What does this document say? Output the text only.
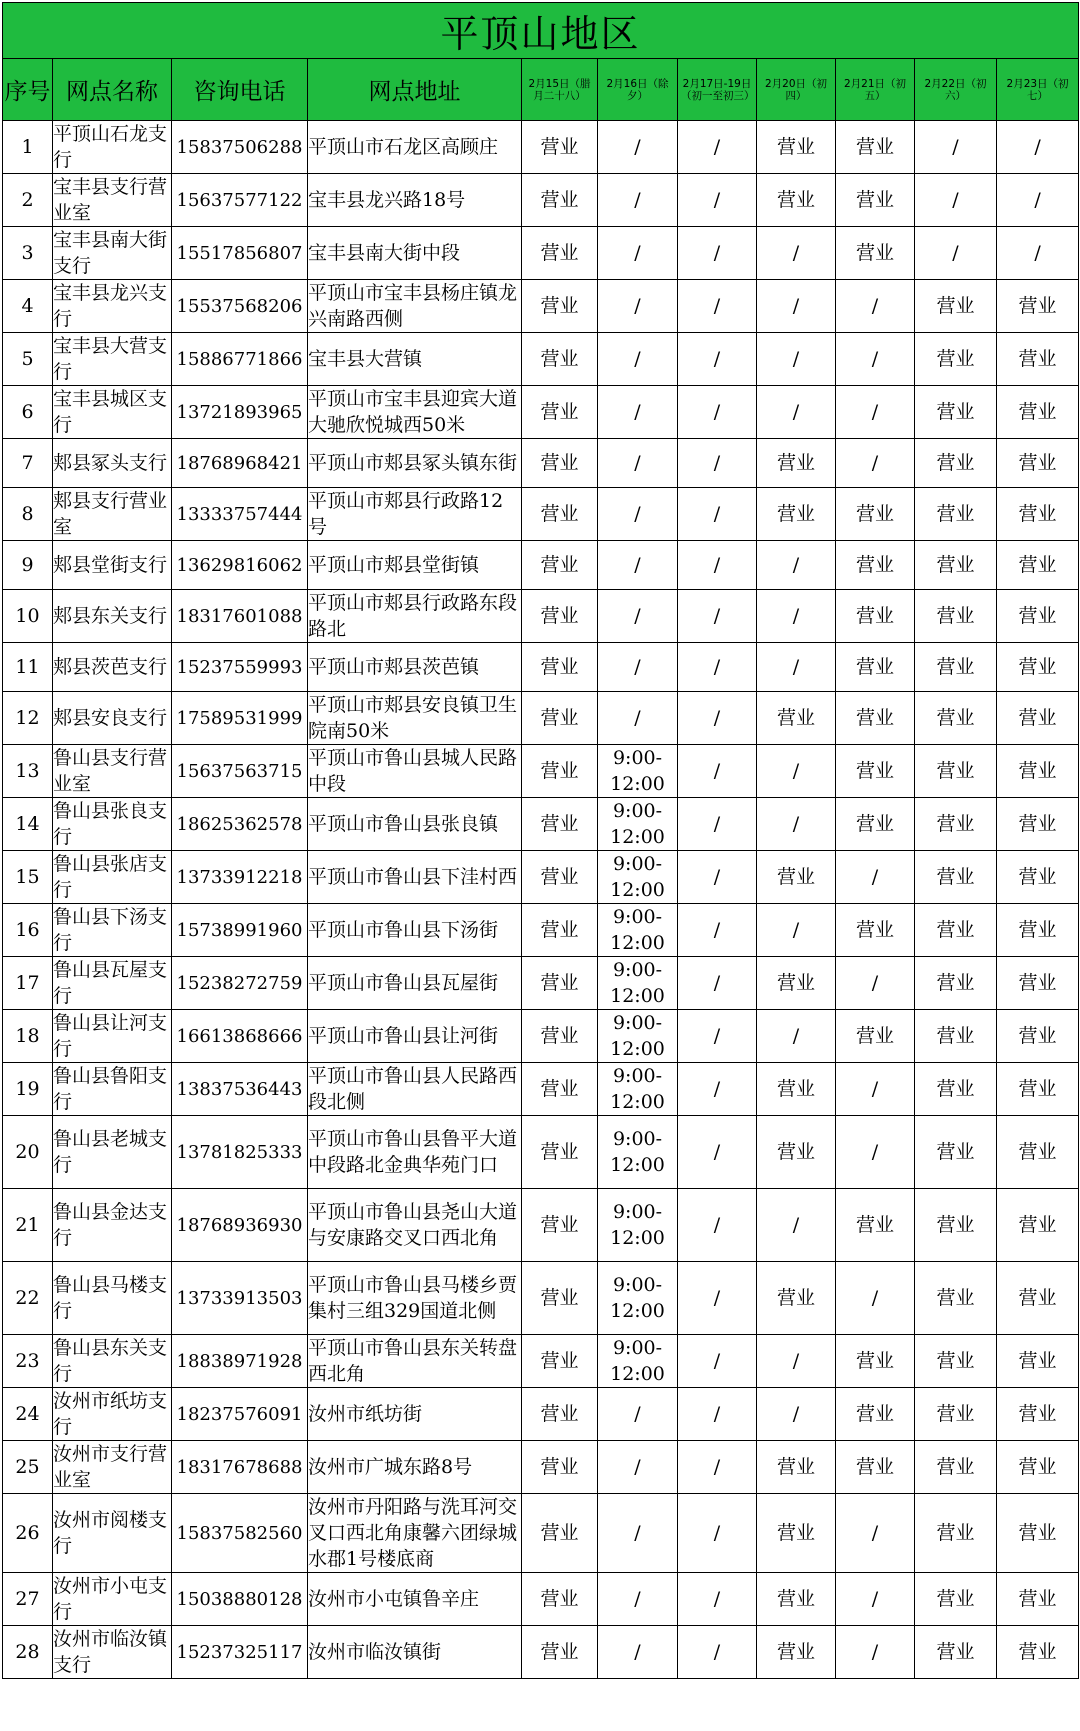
平顶山地区										
序号	网点名称	咨询电话	网点地址	2月15日（腊月二十八）	2月16日（除夕）	2月17日-19日（初一至初三）	2月20日（初四）	2月21日（初五）	2月22日（初六）	2月23日（初七）
1	平顶山石龙支行	15837506288	平顶山市石龙区高顾庄	营业	/	/	营业	营业	/	/
2	宝丰县支行营业室	15637577122	宝丰县龙兴路18号	营业	/	/	营业	营业	/	/
3	宝丰县南大街支行	15517856807	宝丰县南大街中段	营业	/	/	/	营业	/	/
4	宝丰县龙兴支行	15537568206	平顶山市宝丰县杨庄镇龙兴南路西侧	营业	/	/	/	/	营业	营业
5	宝丰县大营支行	15886771866	宝丰县大营镇	营业	/	/	/	/	营业	营业
6	宝丰县城区支行	13721893965	平顶山市宝丰县迎宾大道大驰欣悦城西50米	营业	/	/	/	/	营业	营业
7	郏县冢头支行	18768968421	平顶山市郏县冢头镇东街	营业	/	/	营业	/	营业	营业
8	郏县支行营业室	13333757444	平顶山市郏县行政路12号	营业	/	/	营业	营业	营业	营业
9	郏县堂街支行	13629816062	平顶山市郏县堂街镇	营业	/	/	/	营业	营业	营业
10	郏县东关支行	18317601088	平顶山市郏县行政路东段路北	营业	/	/	/	营业	营业	营业
11	郏县茨芭支行	15237559993	平顶山市郏县茨芭镇	营业	/	/	/	营业	营业	营业
12	郏县安良支行	17589531999	平顶山市郏县安良镇卫生院南50米	营业	/	/	营业	营业	营业	营业
13	鲁山县支行营业室	15637563715	平顶山市鲁山县城人民路中段	营业	9:00-12:00	/	/	营业	营业	营业
14	鲁山县张良支行	18625362578	平顶山市鲁山县张良镇	营业	9:00-12:00	/	/	营业	营业	营业
15	鲁山县张店支行	13733912218	平顶山市鲁山县下洼村西	营业	9:00-12:00	/	营业	/	营业	营业
16	鲁山县下汤支行	15738991960	平顶山市鲁山县下汤街	营业	9:00-12:00	/	/	营业	营业	营业
17	鲁山县瓦屋支行	15238272759	平顶山市鲁山县瓦屋街	营业	9:00-12:00	/	营业	/	营业	营业
18	鲁山县让河支行	16613868666	平顶山市鲁山县让河街	营业	9:00-12:00	/	/	营业	营业	营业
19	鲁山县鲁阳支行	13837536443	平顶山市鲁山县人民路西段北侧	营业	9:00-12:00	/	营业	/	营业	营业
20	鲁山县老城支行	13781825333	平顶山市鲁山县鲁平大道中段路北金典华苑门口	营业	9:00-12:00	/	营业	/	营业	营业
21	鲁山县金达支行	18768936930	平顶山市鲁山县尧山大道与安康路交叉口西北角	营业	9:00-12:00	/	/	营业	营业	营业
22	鲁山县马楼支行	13733913503	平顶山市鲁山县马楼乡贾集村三组329国道北侧	营业	9:00-12:00	/	营业	/	营业	营业
23	鲁山县东关支行	18838971928	平顶山市鲁山县东关转盘西北角	营业	9:00-12:00	/	/	营业	营业	营业
24	汝州市纸坊支行	18237576091	汝州市纸坊街	营业	/	/	/	营业	营业	营业
25	汝州市支行营业室	18317678688	汝州市广城东路8号	营业	/	/	营业	营业	营业	营业
26	汝州市阅楼支行	15837582560	汝州市丹阳路与洗耳河交叉口西北角康馨六团绿城水郡1号楼底商	营业	/	/	营业	/	营业	营业
27	汝州市小屯支行	15038880128	汝州市小屯镇鲁辛庄	营业	/	/	营业	/	营业	营业
28	汝州市临汝镇支行	15237325117	汝州市临汝镇街	营业	/	/	营业	/	营业	营业
